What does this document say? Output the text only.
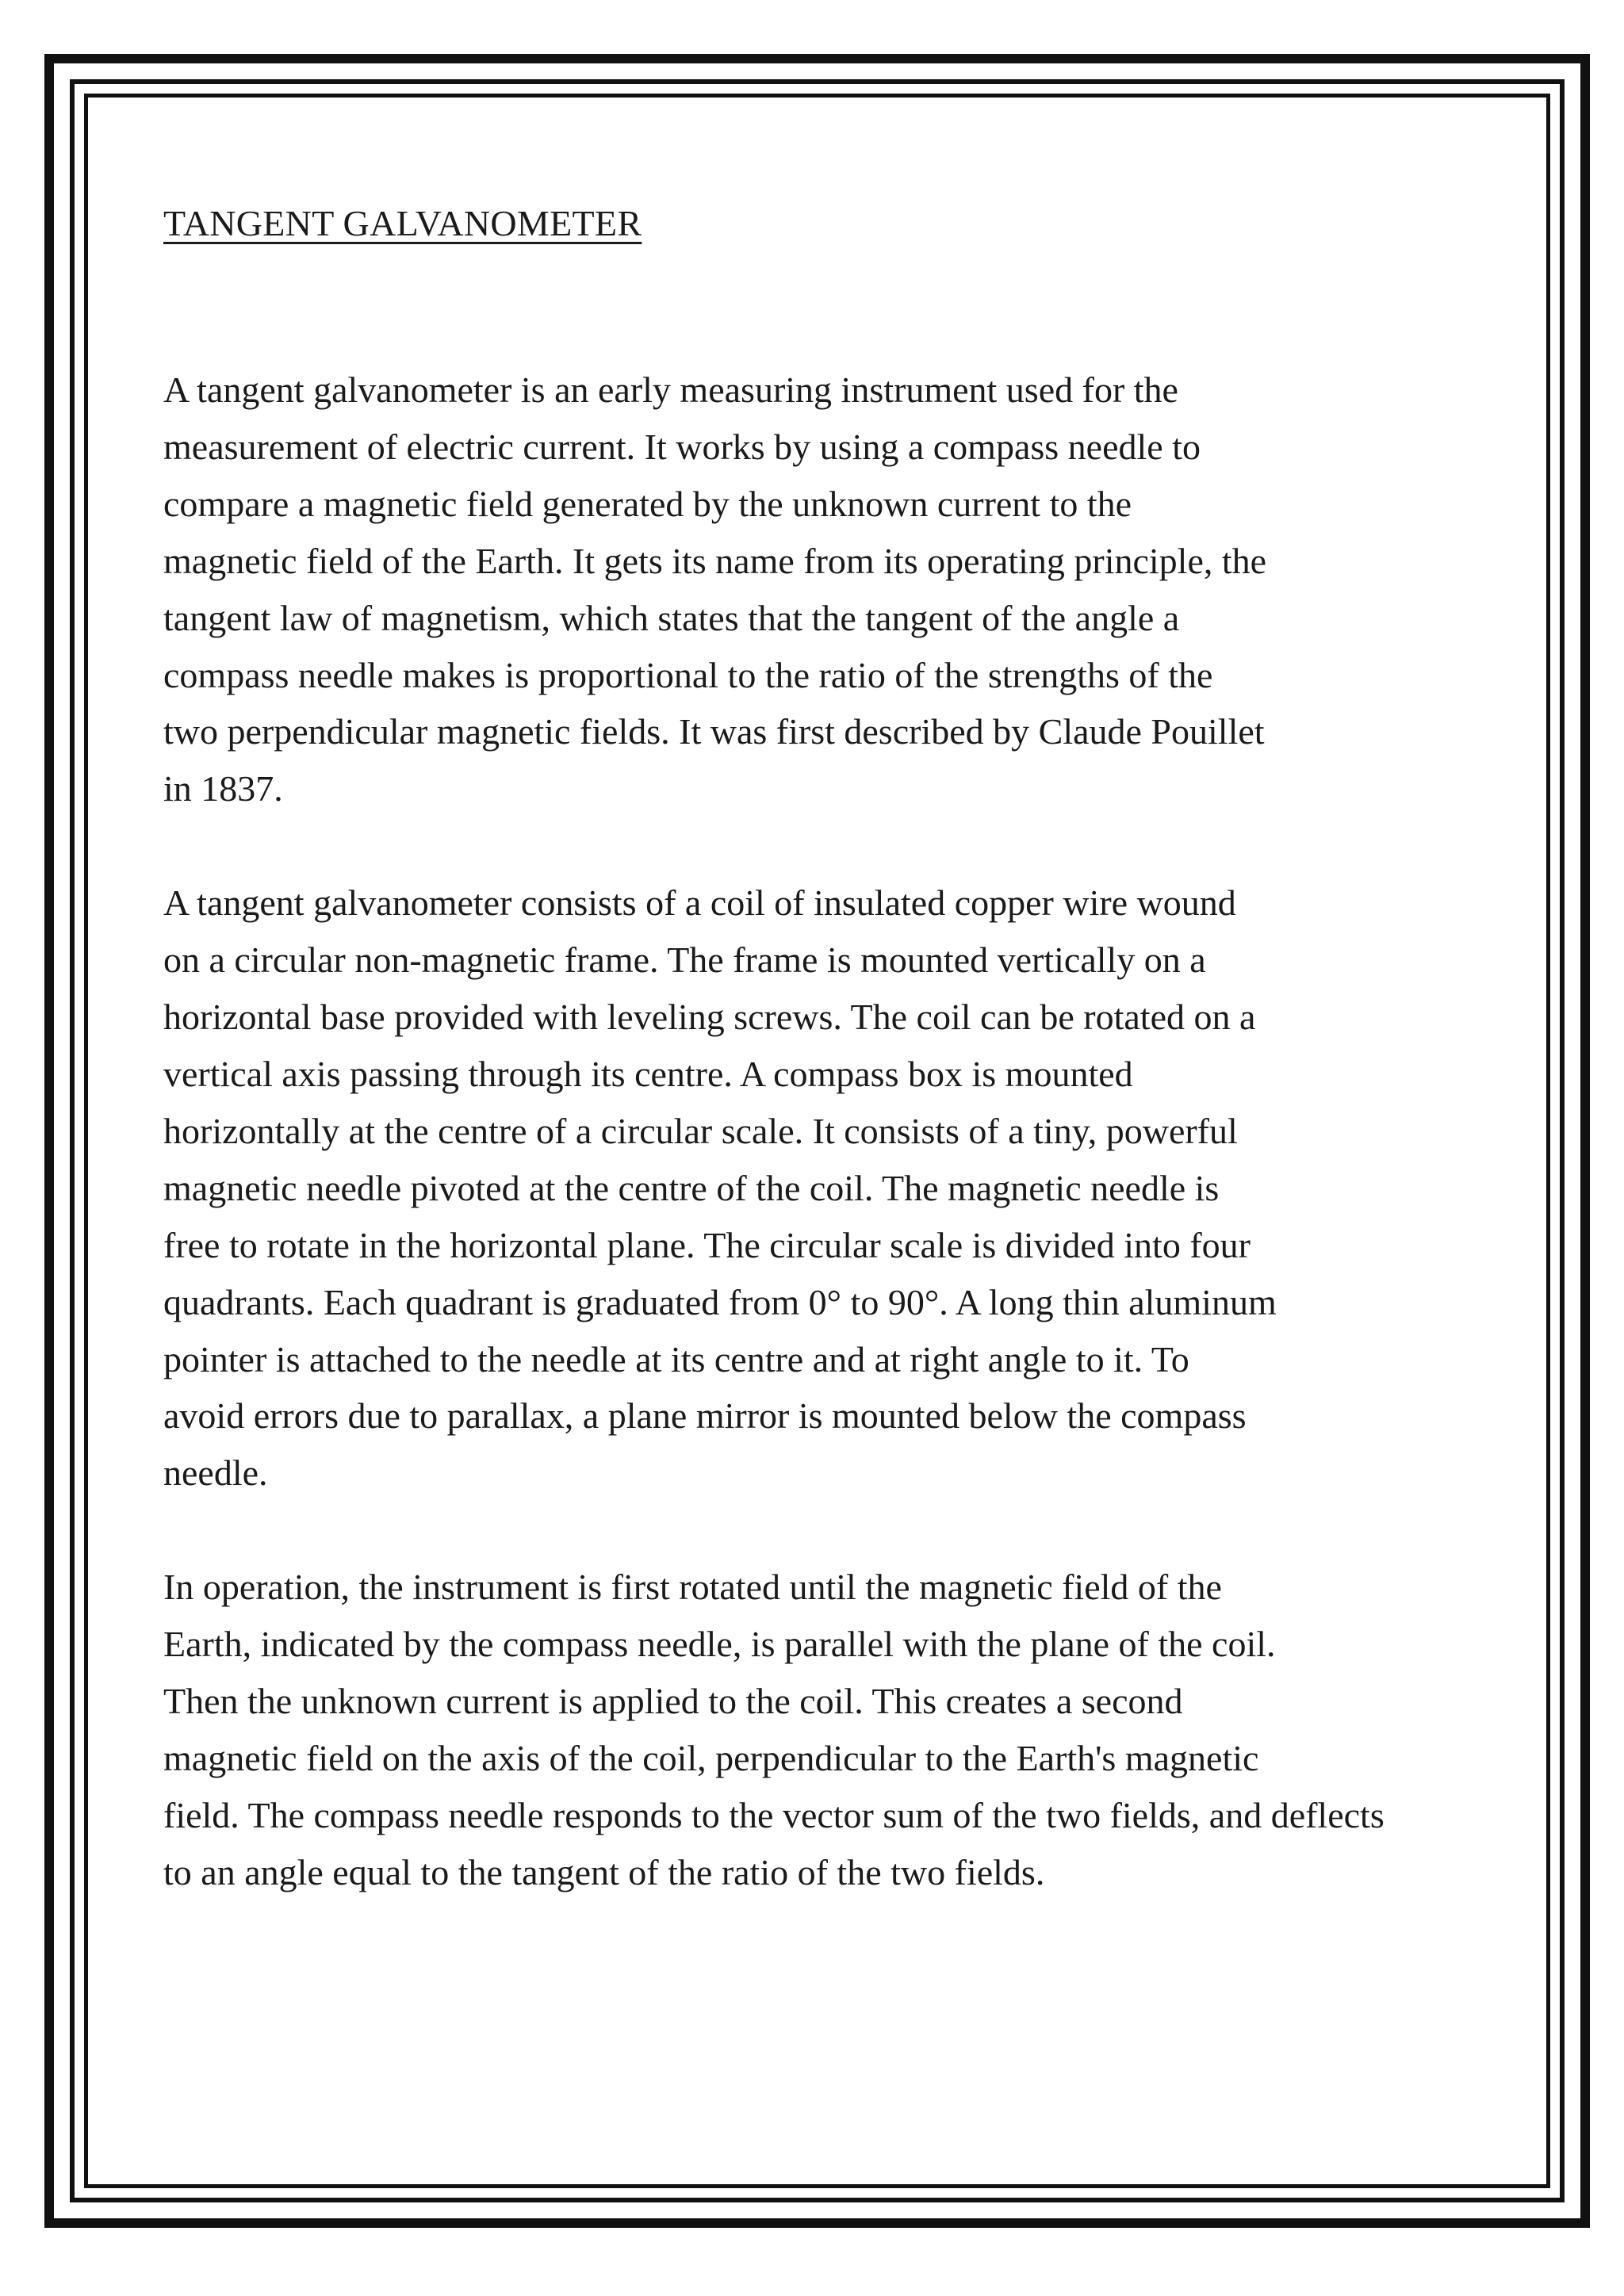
TANGENT GALVANOMETER

A tangent galvanometer is an early measuring instrument used for the
measurement of electric current. It works by using a compass needle to
compare a magnetic field generated by the unknown current to the
magnetic field of the Earth. It gets its name from its operating principle, the
tangent law of magnetism, which states that the tangent of the angle a
compass needle makes is proportional to the ratio of the strengths of the
two perpendicular magnetic fields. It was first described by Claude Pouillet
in 1837.

A tangent galvanometer consists of a coil of insulated copper wire wound
on a circular non-magnetic frame. The frame is mounted vertically on a
horizontal base provided with leveling screws. The coil can be rotated on a
vertical axis passing through its centre. A compass box is mounted
horizontally at the centre of a circular scale. It consists of a tiny, powerful
magnetic needle pivoted at the centre of the coil. The magnetic needle is
free to rotate in the horizontal plane. The circular scale is divided into four
quadrants. Each quadrant is graduated from 0° to 90°. A long thin aluminum
pointer is attached to the needle at its centre and at right angle to it. To
avoid errors due to parallax, a plane mirror is mounted below the compass
needle.

In operation, the instrument is first rotated until the magnetic field of the
Earth, indicated by the compass needle, is parallel with the plane of the coil.
Then the unknown current is applied to the coil. This creates a second
magnetic field on the axis of the coil, perpendicular to the Earth's magnetic
field. The compass needle responds to the vector sum of the two fields, and deflects
to an angle equal to the tangent of the ratio of the two fields.
